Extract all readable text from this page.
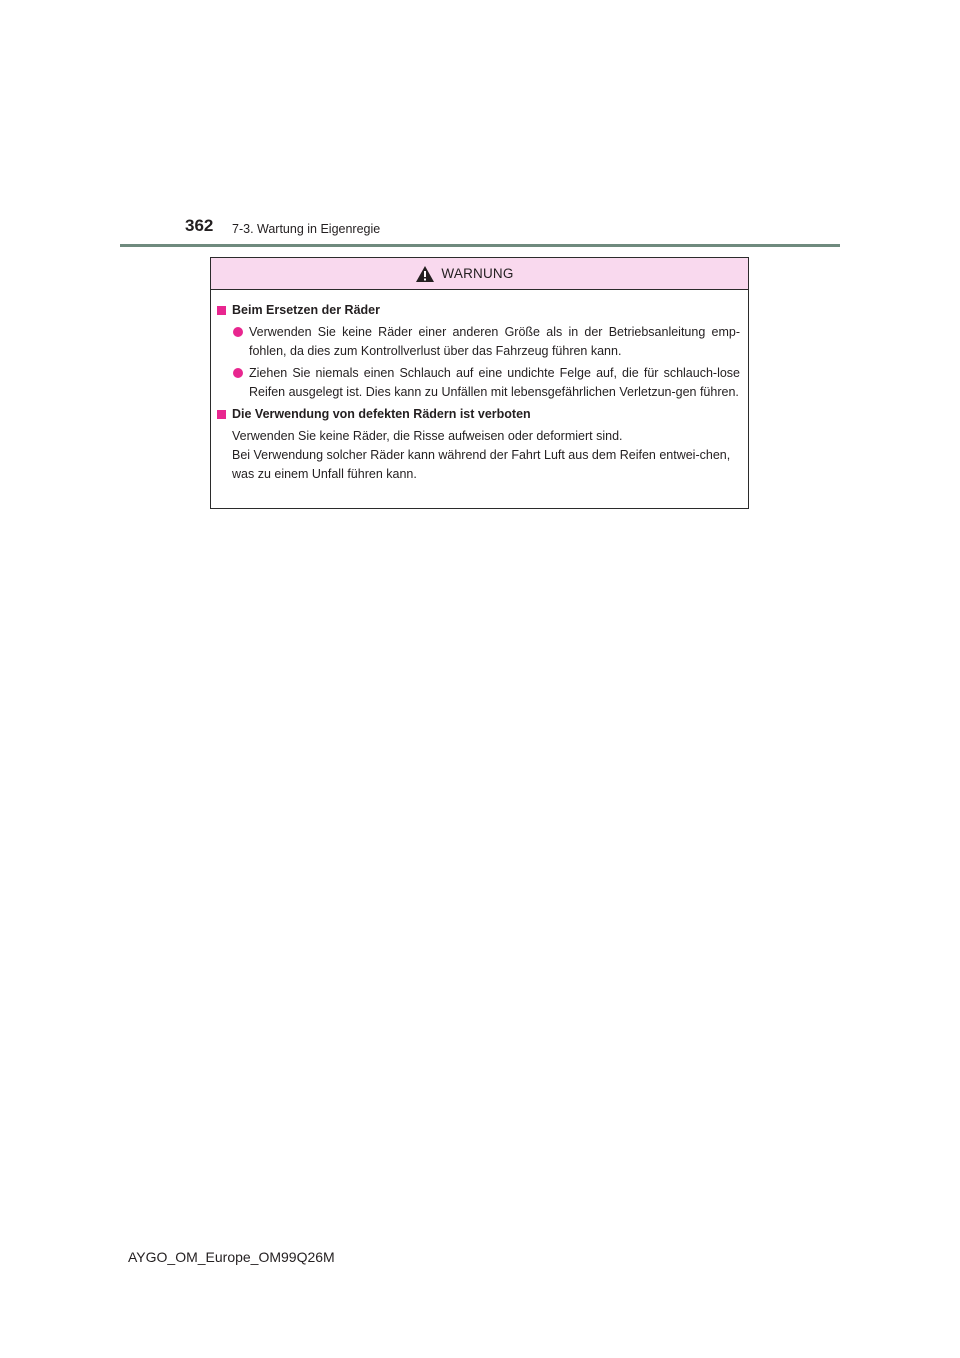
362 7-3. Wartung in Eigenregie
WARNUNG
Beim Ersetzen der Räder
Verwenden Sie keine Räder einer anderen Größe als in der Betriebsanleitung emp-fohlen, da dies zum Kontrollverlust über das Fahrzeug führen kann.
Ziehen Sie niemals einen Schlauch auf eine undichte Felge auf, die für schlauch-lose Reifen ausgelegt ist. Dies kann zu Unfällen mit lebensgefährlichen Verletzun-gen führen.
Die Verwendung von defekten Rädern ist verboten
Verwenden Sie keine Räder, die Risse aufweisen oder deformiert sind.
Bei Verwendung solcher Räder kann während der Fahrt Luft aus dem Reifen entwei-chen, was zu einem Unfall führen kann.
AYGO_OM_Europe_OM99Q26M
